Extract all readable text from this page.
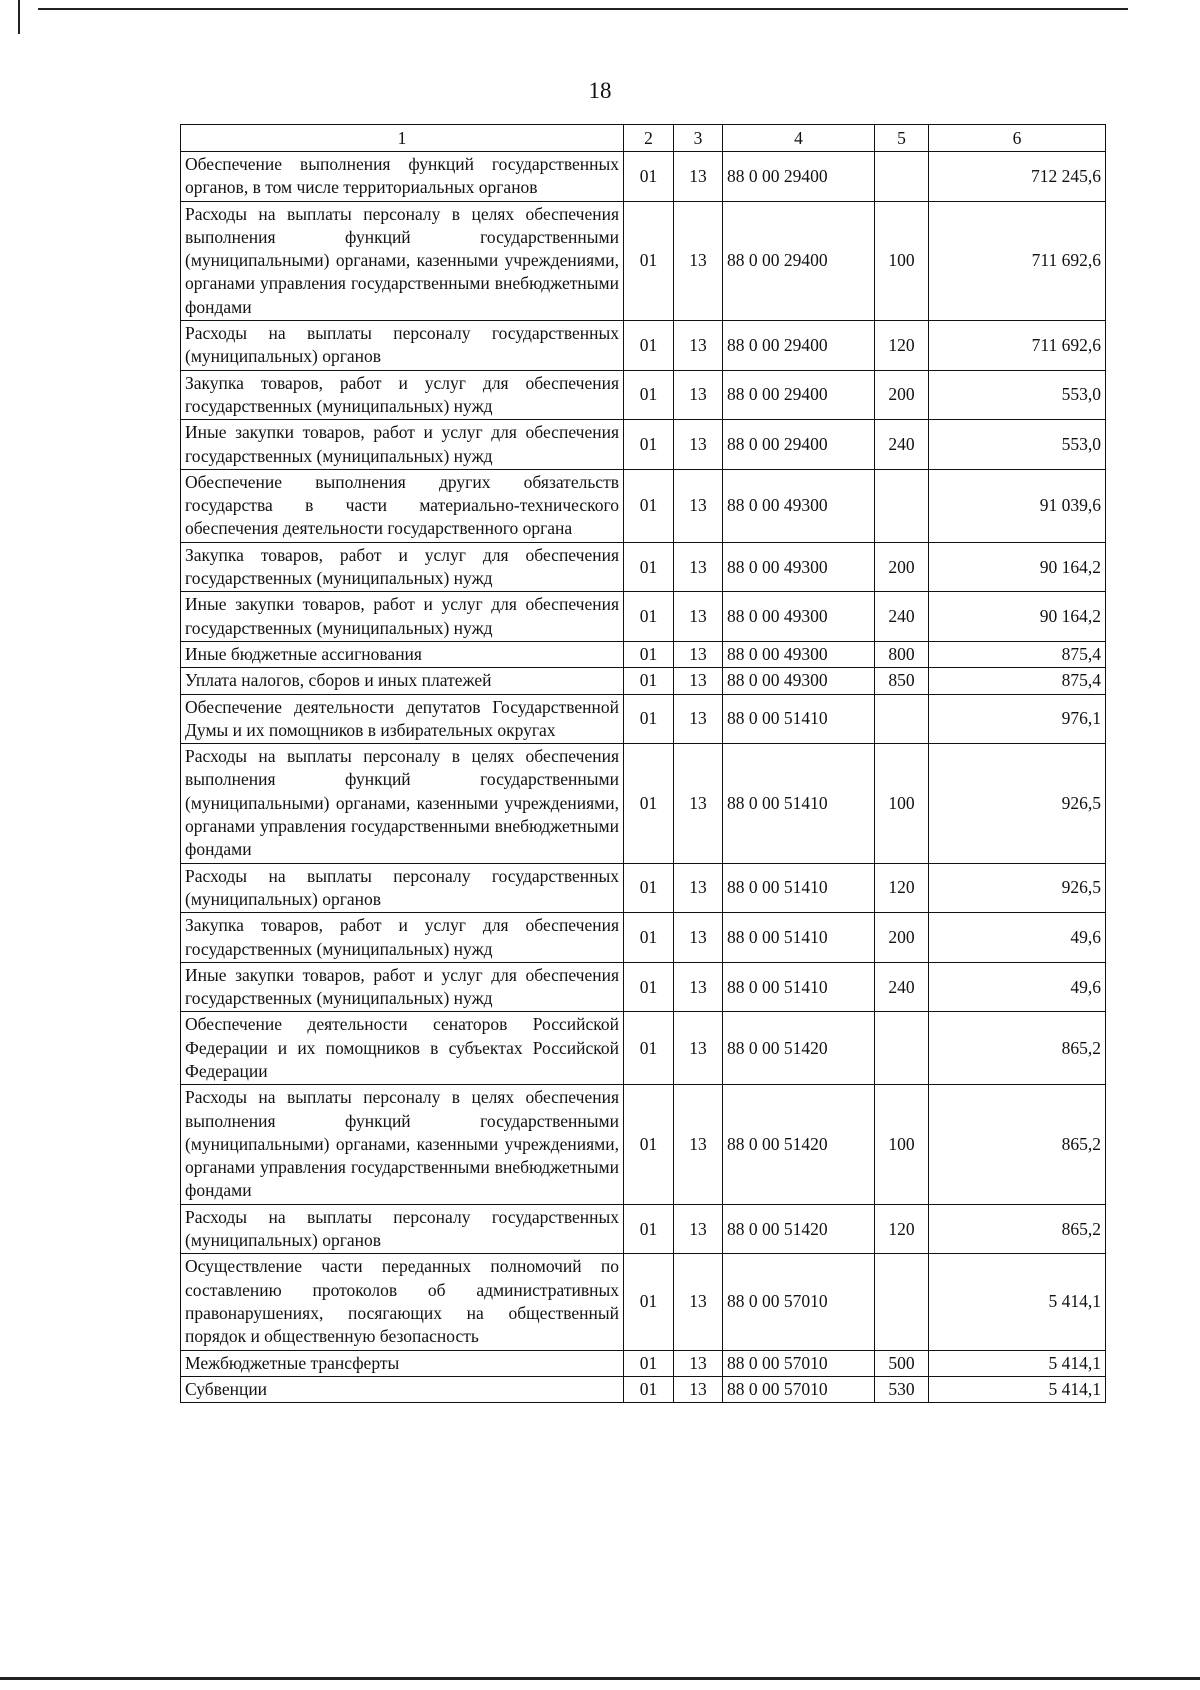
18
1	2	3	4	5	6
Обеспечение выполнения функций государственных органов, в том числе территориальных органов	01	13	88 0 00 29400		712 245,6
Расходы на выплаты персоналу в целях обеспечения выполнения функций государственными (муниципальными) органами, казенными учреждениями, органами управления государственными внебюджетными фондами	01	13	88 0 00 29400	100	711 692,6
Расходы на выплаты персоналу государственных (муниципальных) органов	01	13	88 0 00 29400	120	711 692,6
Закупка товаров, работ и услуг для обеспечения государственных (муниципальных) нужд	01	13	88 0 00 29400	200	553,0
Иные закупки товаров, работ и услуг для обеспечения государственных (муниципальных) нужд	01	13	88 0 00 29400	240	553,0
Обеспечение выполнения других обязательств государства в части материально-технического обеспечения деятельности государственного органа	01	13	88 0 00 49300		91 039,6
Закупка товаров, работ и услуг для обеспечения государственных (муниципальных) нужд	01	13	88 0 00 49300	200	90 164,2
Иные закупки товаров, работ и услуг для обеспечения государственных (муниципальных) нужд	01	13	88 0 00 49300	240	90 164,2
Иные бюджетные ассигнования	01	13	88 0 00 49300	800	875,4
Уплата налогов, сборов и иных платежей	01	13	88 0 00 49300	850	875,4
Обеспечение деятельности депутатов Государственной Думы и их помощников в избирательных округах	01	13	88 0 00 51410		976,1
Расходы на выплаты персоналу в целях обеспечения выполнения функций государственными (муниципальными) органами, казенными учреждениями, органами управления государственными внебюджетными фондами	01	13	88 0 00 51410	100	926,5
Расходы на выплаты персоналу государственных (муниципальных) органов	01	13	88 0 00 51410	120	926,5
Закупка товаров, работ и услуг для обеспечения государственных (муниципальных) нужд	01	13	88 0 00 51410	200	49,6
Иные закупки товаров, работ и услуг для обеспечения государственных (муниципальных) нужд	01	13	88 0 00 51410	240	49,6
Обеспечение деятельности сенаторов Российской Федерации и их помощников в субъектах Российской Федерации	01	13	88 0 00 51420		865,2
Расходы на выплаты персоналу в целях обеспечения выполнения функций государственными (муниципальными) органами, казенными учреждениями, органами управления государственными внебюджетными фондами	01	13	88 0 00 51420	100	865,2
Расходы на выплаты персоналу государственных (муниципальных) органов	01	13	88 0 00 51420	120	865,2
Осуществление части переданных полномочий по составлению протоколов об административных правонарушениях, посягающих на общественный порядок и общественную безопасность	01	13	88 0 00 57010		5 414,1
Межбюджетные трансферты	01	13	88 0 00 57010	500	5 414,1
Субвенции	01	13	88 0 00 57010	530	5 414,1
